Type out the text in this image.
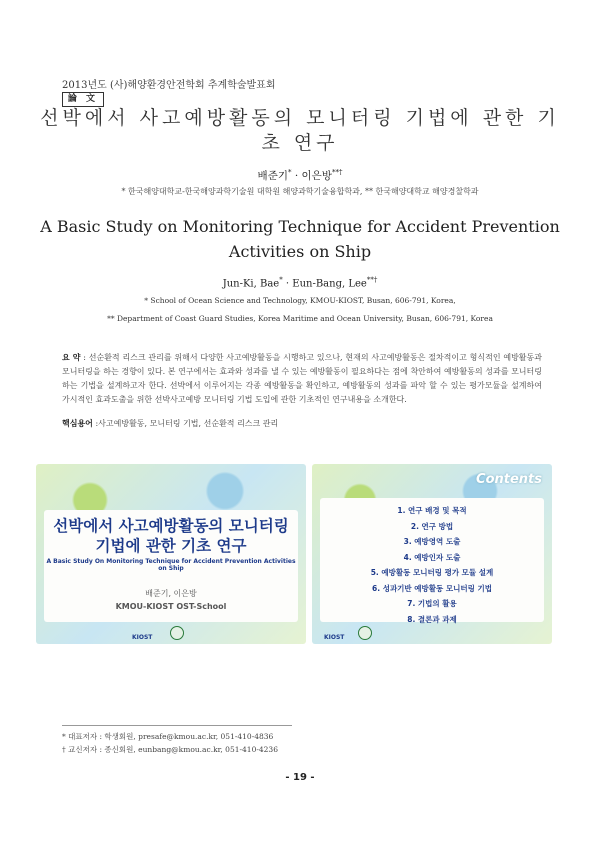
2013년도 (사)해양환경안전학회 추계학술발표회
論 文
선박에서 사고예방활동의 모니터링 기법에 관한 기초 연구
배준기* · 이은방**†
* 한국해양대학교-한국해양과학기술원 대학원 해양과학기술융합학과, ** 한국해양대학교 해양경찰학과
A Basic Study on Monitoring Technique for Accident Prevention Activities on Ship
Jun-Ki, Bae* · Eun-Bang, Lee**†
* School of Ocean Science and Technology, KMOU-KIOST, Busan, 606-791, Korea,
** Department of Coast Guard Studies, Korea Maritime and Ocean University, Busan, 606-791, Korea
요 약 : 선순환적 리스크 관리를 위해서 다양한 사고예방활동을 시행하고 있으나, 현재의 사고예방활동은 절차적이고 형식적인 예방활동과 모니터링을 하는 경향이 있다. 본 연구에서는 효과와 성과를 낼 수 있는 예방활동이 필요하다는 점에 착안하여 예방활동의 성과를 모니터링하는 기법을 설계하고자 한다. 선박에서 이루어지는 각종 예방활동을 확인하고, 예방활동의 성과를 파악 할 수 있는 평가모듈을 설계하여 가시적인 효과도출을 위한 선박사고예방 모니터링 기법 도입에 관한 기초적인 연구내용을 소개한다.
핵심용어 :사고예방활동, 모니터링 기법, 선순환적 리스크 관리
선박에서 사고예방활동의 모니터링 기법에 관한 기초 연구
A Basic Study On Monitoring Technique for Accident Prevention Activities on Ship
배준기, 이은방
KMOU-KIOST OST-School
KIOST
Contents
1. 연구 배경 및 목적
2. 연구 방법
3. 예방영역 도출
4. 예방인자 도출
5. 예방활동 모니터링 평가 모듈 설계
6. 성과기반 예방활동 모니터링 기법
7. 기법의 활용
8. 결론과 과제
KIOST
* 대표저자 : 학생회원, presafe@kmou.ac.kr, 051-410-4836
† 교신저자 : 종신회원, eunbang@kmou.ac.kr, 051-410-4236
- 19 -
